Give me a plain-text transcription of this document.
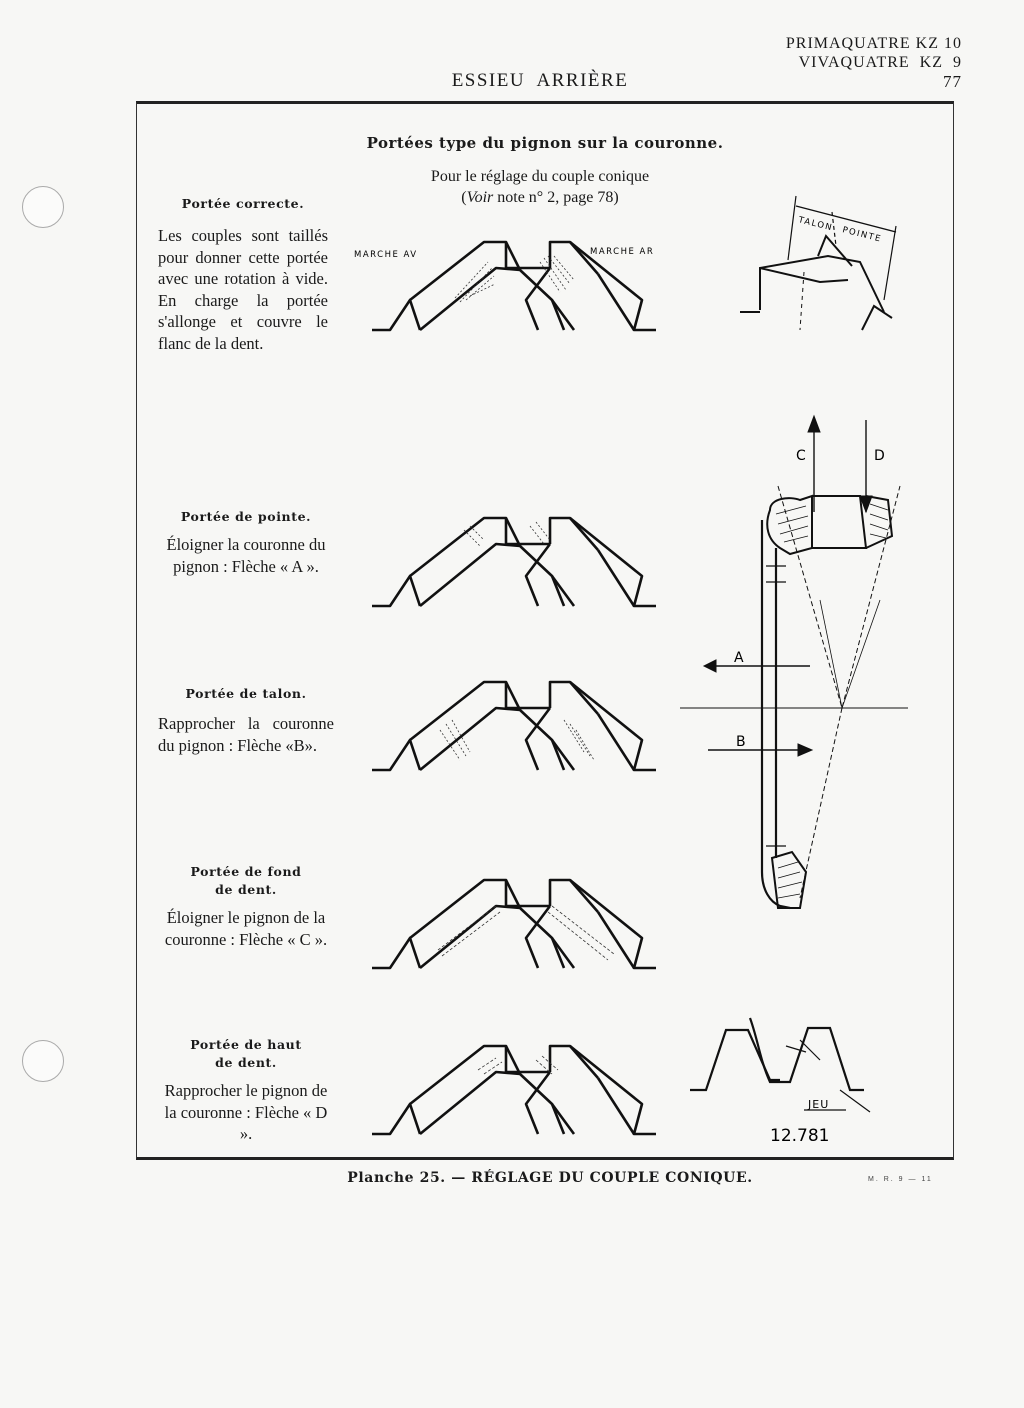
PRIMAQUATRE KZ 10
VIVAQUATRE  KZ  9
77
ESSIEU  ARRIÈRE
Portées type du pignon sur la couronne.
Pour le réglage du couple conique
(Voir note n° 2, page 78)
Portée correcte.
Les couples sont taillés pour donner cette portée avec une rotation à vide. En charge la portée s'allonge et couvre le flanc de la dent.
Portée de pointe.
Éloigner la couronne du pignon : Flèche « A ».
Portée de talon.
Rapprocher la couronne du pignon : Flèche «B».
Portée de fond
de dent.
Éloigner le pignon de la couronne : Flèche « C ».
Portée de haut
de dent.
Rapprocher le pignon de la couronne : Flèche « D ».
MARCHE AV	MARCHE AR
TALON
POINTE
C	D
A
B
JEU
12.781
Planche 25. — RÉGLAGE DU COUPLE CONIQUE.	M. R. 9 — 11
